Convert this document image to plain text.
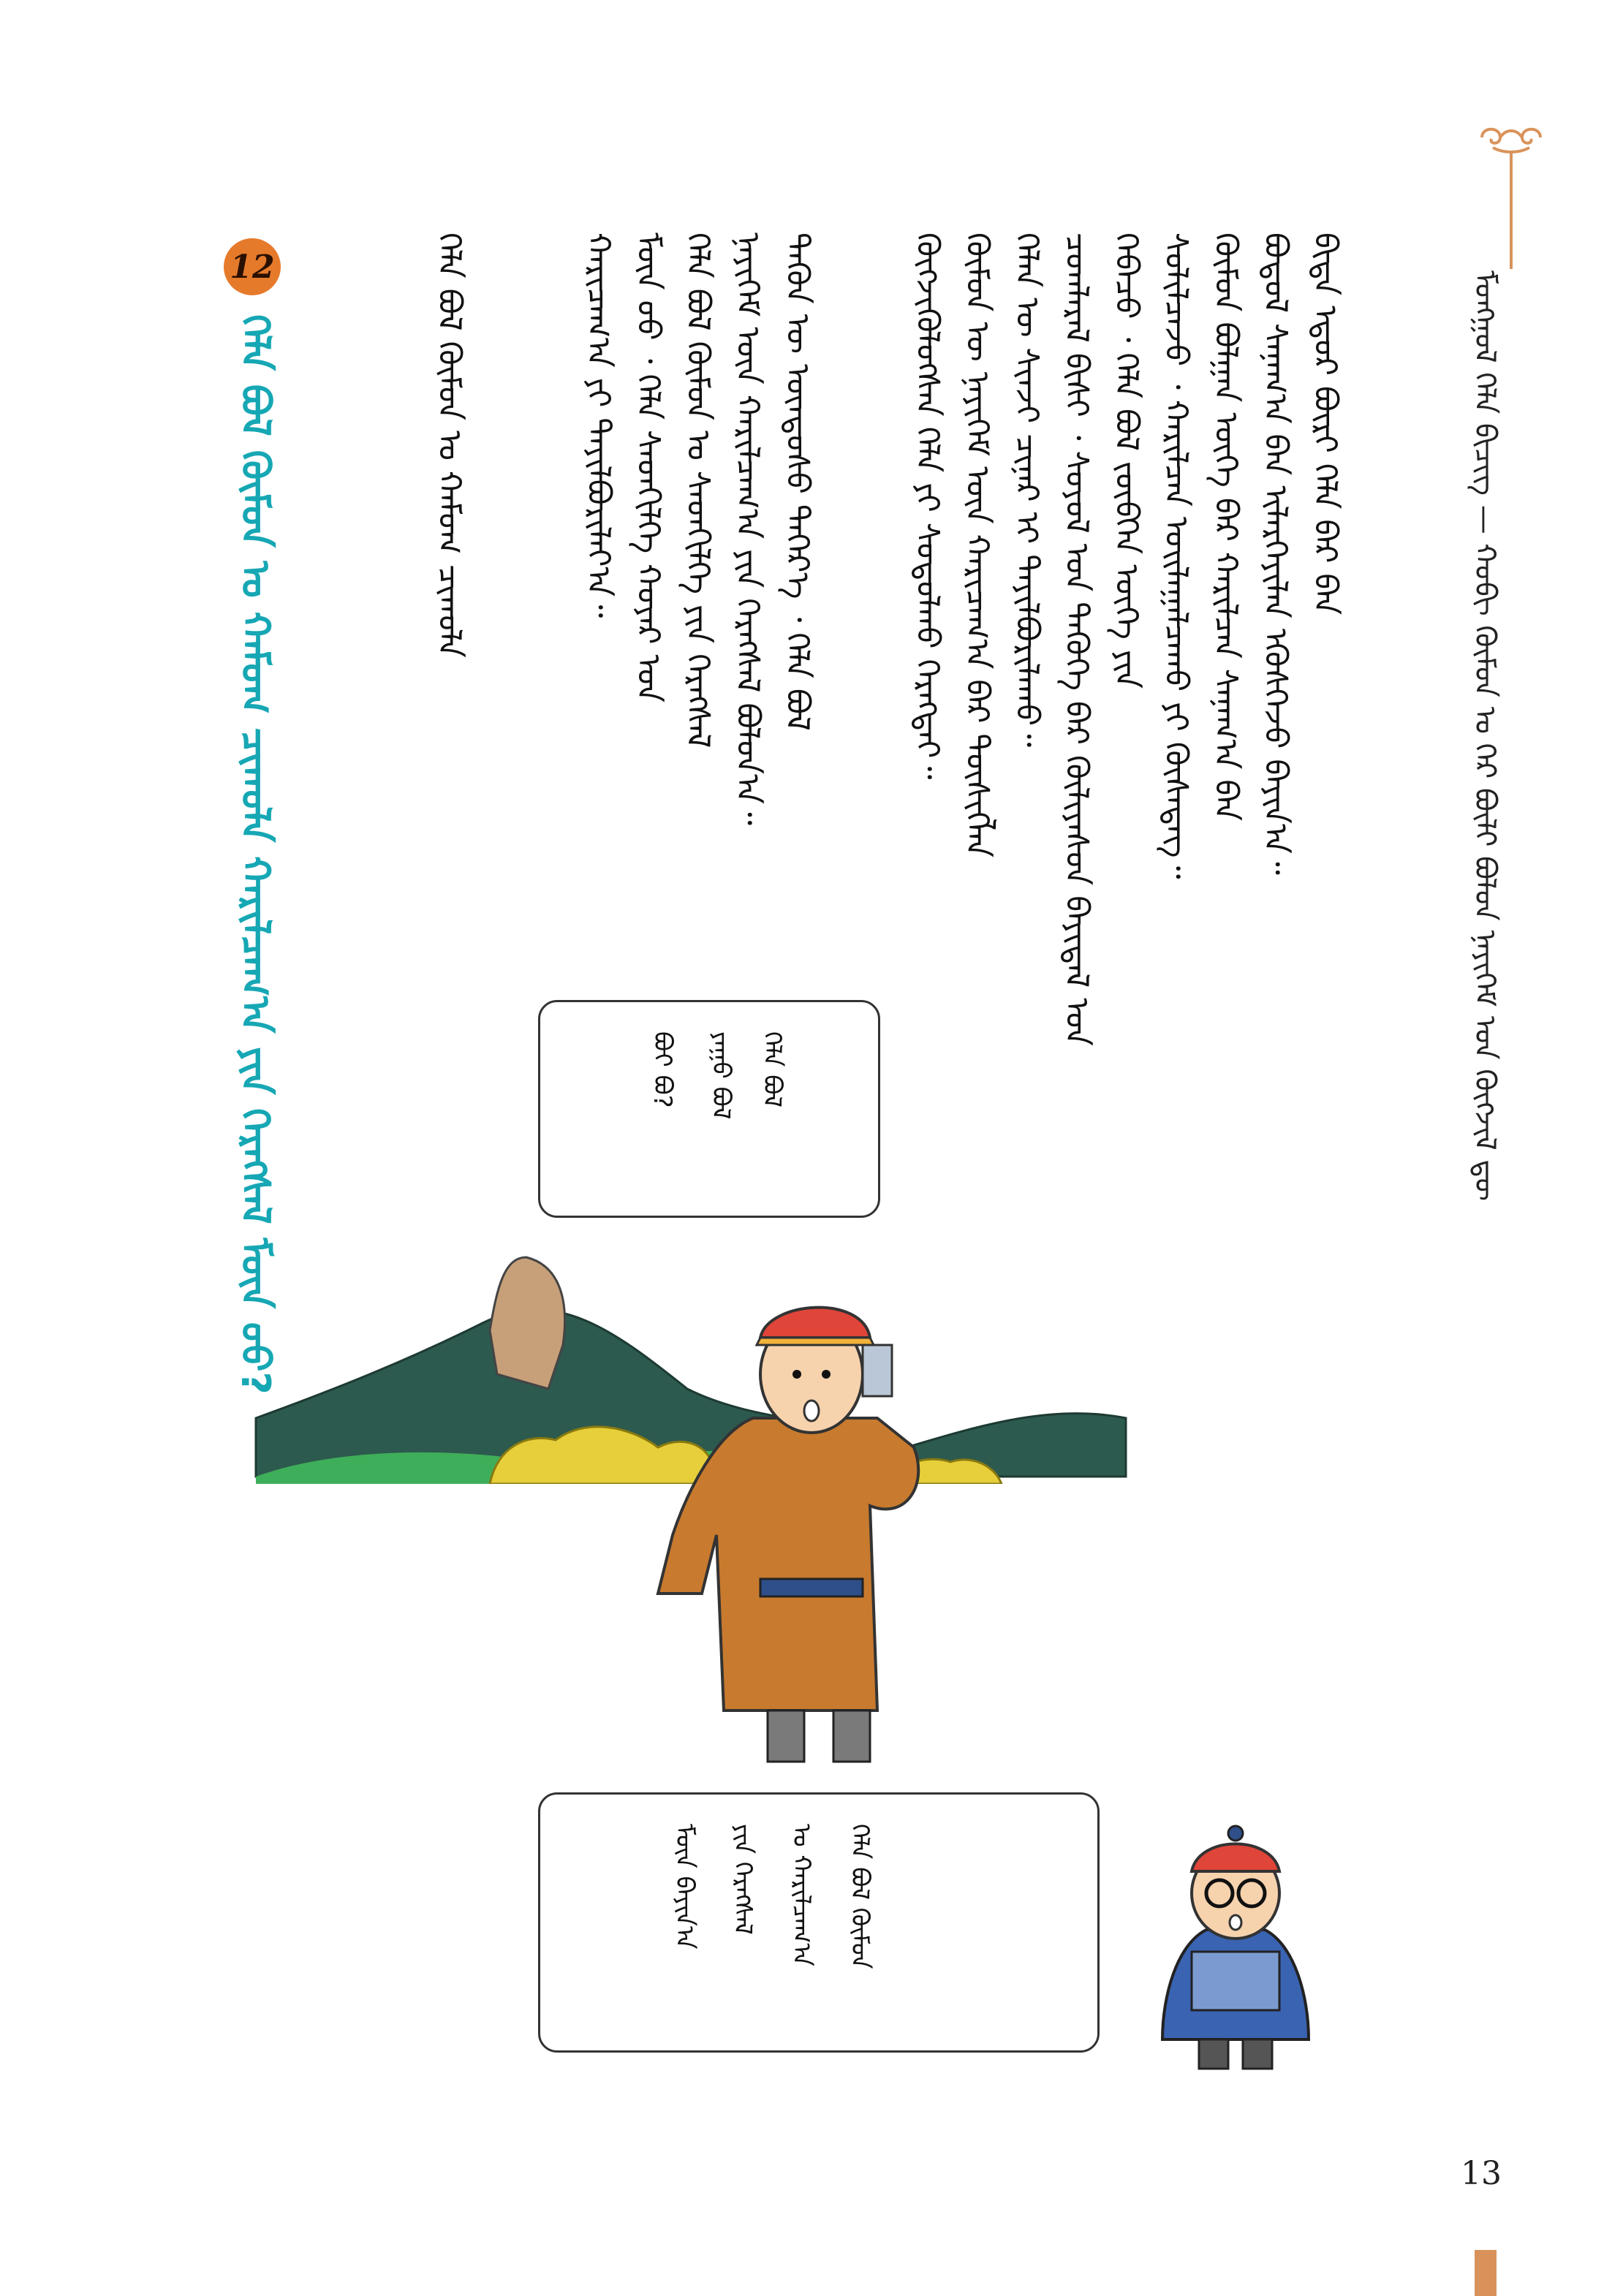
ᠮᠣᠩᠭᠣᠯ ᠬᠡᠯᠡ ᠪᠢᠴᠢᠭ — ᠬᠤᠪᠢ ᠬᠦᠮᠦᠨ ᠤ ᠭᠡᠷ ᠪᠦᠯᠢ ᠪᠤᠯᠤᠨ ᠨᠡᠶᠢᠭᠡᠮ ᠤᠨ ᠬᠥᠭᠵᠢᠯ ᠳᠦ
ᠪᠢᠳᠡ ᠡᠳᠦᠷ ᠪᠦᠷᠢ ᠬᠡᠯᠡ ᠪᠡᠷ ᠪᠡᠨ
ᠪᠣᠳᠤᠯ ᠰᠠᠨᠠᠭ᠎ᠠ ᠪᠠᠨ ᠢᠯᠡᠷᠬᠡᠶᠢᠯᠡᠨ ᠡᠭᠦᠰᠬᠡᠵᠦ ᠪᠠᠶᠢᠨ᠎ᠠ᠃
ᠬᠥᠮᠦᠨ ᠪᠣᠯᠭᠠᠨ ᠦᠭᠡ ᠪᠡᠷ ᠬᠠᠷᠢᠯᠴᠠᠨ ᠰᠠᠨᠠᠭ᠎ᠠ ᠪᠠᠨ
ᠰᠣᠯᠢᠯᠴᠠᠵᠤ ᠂ ᠬᠠᠷᠢᠯᠴᠠᠨ ᠤᠢᠯᠠᠭᠠᠯᠴᠠᠬᠤ ᠶᠢ ᠬᠦᠰᠡᠳᠡᠭ᠃
ᠭᠡᠪᠡᠴᠦ ᠂ ᠬᠡᠯᠡ ᠪᠣᠯ ᠵᠥᠪᠬᠡᠨ ᠦᠭᠡ ᠶᠢᠨ
ᠴᠤᠭᠯᠠᠷᠠᠯ ᠪᠢᠰᠢ ᠂ ᠰᠣᠶᠣᠯ ᠤᠨ ᠲᠡᠭᠦᠬᠡ ᠪᠠᠷ ᠬᠦᠯᠢᠶᠡᠰᠦᠨ ᠪᠠᠶᠢᠳᠠᠯ ᠤᠨ
ᠬᠡᠯᠡᠨ ᠦ ᠰᠢᠨᠵᠢ ᠴᠢᠨᠠᠷ ᠢ ᠲᠠᠶᠢᠯᠪᠤᠷᠢᠯᠠᠬᠤ᠃
ᠬᠦᠮᠦᠨ ᠦ ᠨᠡᠶᠢᠭᠡᠮ ᠦᠨ ᠬᠠᠷᠢᠴᠠᠭ᠎ᠠ ᠪᠠᠷ ᠲᠦᠰᠢᠭᠯᠡᠨ
ᠬᠥᠭᠵᠢᠭᠦᠯᠦᠭᠰᠡᠨ ᠬᠡᠯᠡ ᠶᠢ ᠰᠤᠳᠤᠯᠬᠤ ᠬᠡᠷᠡᠭᠲᠡᠢ᠃
ᠲᠡᠭᠦᠨ ᠦ ᠦᠨᠳᠦᠰᠦ ᠳᠡᠭᠡᠷ᠎ᠡ ᠂ ᠬᠡᠯᠡ ᠪᠣᠯ
ᠨᠡᠶᠢᠭᠡᠮ ᠦᠨ ᠬᠠᠷᠢᠯᠴᠠᠭ᠎ᠠ ᠶᠢᠨ ᠬᠡᠷᠡᠭᠰᠡᠯ ᠪᠣᠯᠤᠨ᠎ᠠ᠃
ᠬᠡᠯᠡ ᠪᠣᠯ ᠬᠦᠮᠦᠨ ᠤ ᠰᠡᠳᠬᠢᠯᠭᠡ ᠶᠢᠨ ᠬᠡᠷᠡᠭᠰᠡᠯ
ᠮᠥᠨ ᠤᠤ ᠂ ᠬᠡᠯᠡ ᠰᠡᠳᠬᠢᠯᠭᠡ ᠬᠣᠶᠠᠷ ᠤᠨ
ᠬᠠᠷᠢᠴᠠᠭ᠎ᠠ ᠶᠢ ᠲᠠᠶᠢᠯᠪᠤᠷᠢᠯᠠᠶ᠎ᠠ᠃
ᠬᠡᠯᠡ ᠪᠣᠯ ᠬᠦᠮᠦᠨ ᠤ ᠬᠠᠮᠤᠭ ᠴᠢᠬᠤᠯᠠ
12
ᠬᠡᠯᠡ ᠪᠣᠯ ᠬᠦᠮᠦᠨ ᠤ ᠬᠠᠮᠤᠭ ᠴᠢᠬᠤᠯᠠ ᠬᠠᠷᠢᠯᠴᠠᠭ᠎ᠠ ᠶᠢᠨ ᠬᠡᠷᠡᠭᠰᠡᠯ ᠮᠥᠨ ᠤᠤ?	ᠬᠡᠯᠡ ᠪᠣᠯ
ᠶᠠᠭᠤ ᠪᠣᠯ
ᠪᠤᠢ ᠪᠣ?
ᠬᠡᠯᠡ ᠪᠣᠯ ᠬᠦᠮᠦᠨ
ᠤ ᠬᠠᠷᠢᠯᠴᠠᠭ᠎ᠠ
ᠶᠢᠨ ᠬᠡᠷᠡᠭᠰᠡᠯ
ᠮᠥᠨ ᠪᠠᠶᠢᠨ᠎ᠠ
13
